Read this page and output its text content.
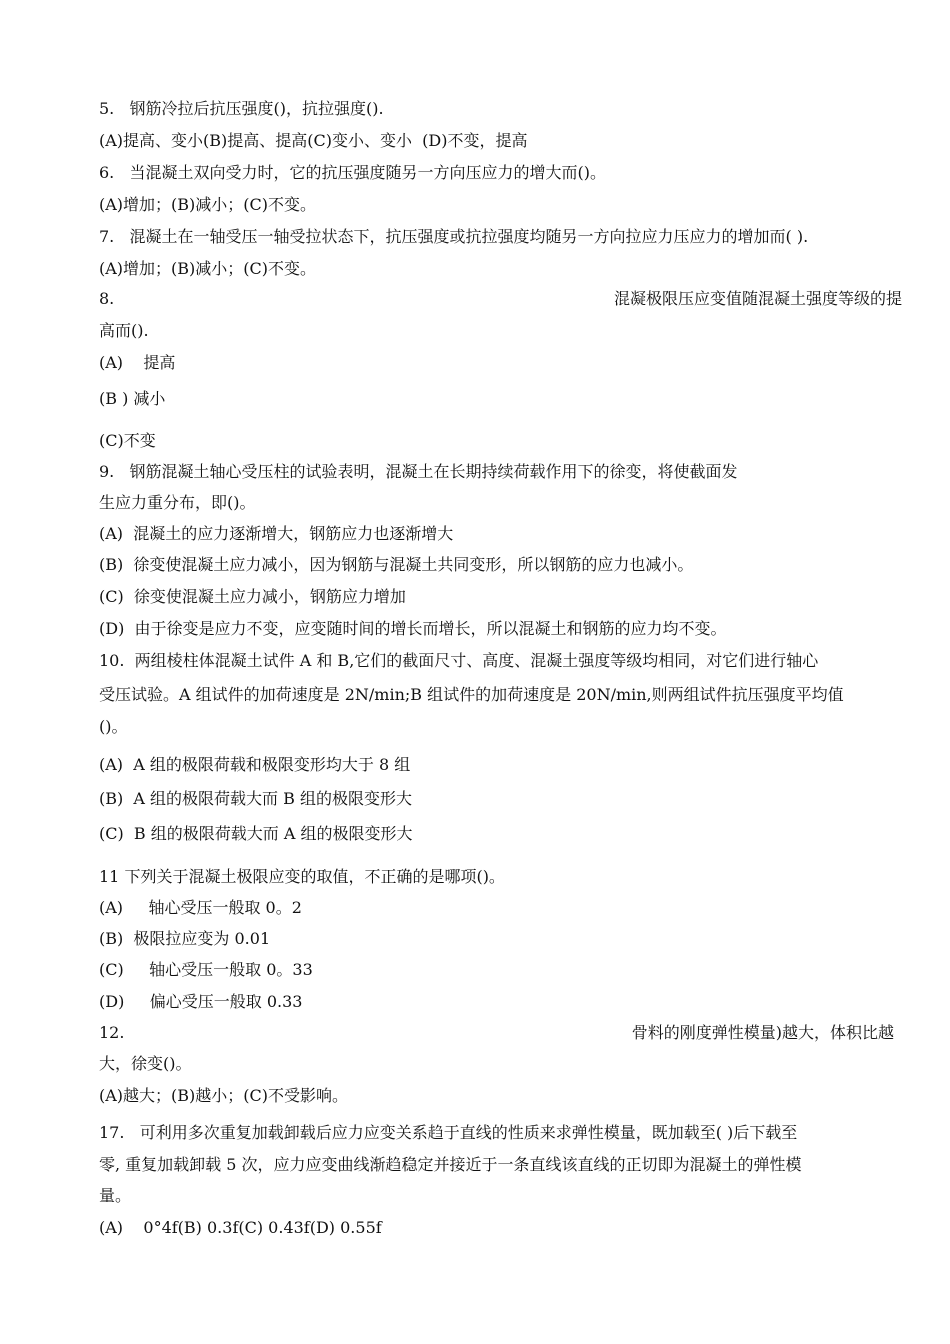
5.   钢筋冷拉后抗压强度()，抗拉强度().
(A)提高、变小(B)提高、提高(C)变小、变小  (D)不变，提高
6.   当混凝土双向受力时，它的抗压强度随另一方向压应力的增大而()。
(A)增加；(B)减小；(C)不变。
7.   混凝土在一轴受压一轴受拉状态下，抗压强度或抗拉强度均随另一方向拉应力压应力的增加而( ).
(A)增加；(B)减小；(C)不变。
8.	混凝极限压应变值随混凝土强度等级的提
高而().
(A)    提高
(B ) 减小
(C)不变
9.   钢筋混凝土轴心受压柱的试验表明，混凝土在长期持续荷载作用下的徐变，将使截面发
生应力重分布，即()。
(A)  混凝土的应力逐渐增大，钢筋应力也逐渐增大
(B)  徐变使混凝土应力减小，因为钢筋与混凝土共同变形，所以钢筋的应力也减小。
(C)  徐变使混凝土应力减小，钢筋应力增加
(D)  由于徐变是应力不变，应变随时间的增长而增长，所以混凝土和钢筋的应力均不变。
10.  两组棱柱体混凝土试件 A 和 B,它们的截面尺寸、高度、混凝土强度等级均相同，对它们进行轴心
受压试验。A 组试件的加荷速度是 2N/min;B 组试件的加荷速度是 20N/min,则两组试件抗压强度平均值
()。
(A)  A 组的极限荷载和极限变形均大于 8 组
(B)  A 组的极限荷载大而 B 组的极限变形大
(C)  B 组的极限荷载大而 A 组的极限变形大
11 下列关于混凝土极限应变的取值，不正确的是哪项()。
(A)     轴心受压一般取 0。2
(B)  极限拉应变为 0.01
(C)     轴心受压一般取 0。33
(D)     偏心受压一般取 0.33
12.	骨料的刚度弹性模量)越大，体积比越
大，徐变()。
(A)越大；(B)越小；(C)不受影响。
17.   可利用多次重复加载卸载后应力应变关系趋于直线的性质来求弹性模量，既加载至( )后下载至
零, 重复加载卸载 5 次，应力应变曲线渐趋稳定并接近于一条直线该直线的正切即为混凝土的弹性模
量。
(A)    0°4f(B) 0.3f(C) 0.43f(D) 0.55f
